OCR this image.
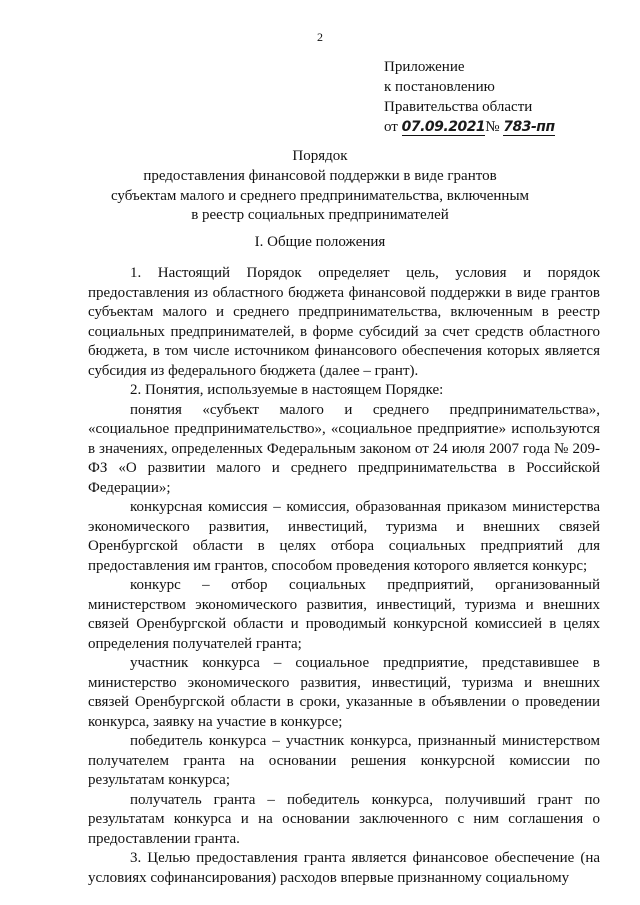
2
Приложение
к постановлению
Правительства области
от 07.09.2021№ 783-пп
Порядок
предоставления финансовой поддержки в виде грантов субъектам малого и среднего предпринимательства, включенным в реестр социальных предпринимателей
I. Общие положения

1. Настоящий Порядок определяет цель, условия и порядок предоставления из областного бюджета финансовой поддержки в виде грантов субъектам малого и среднего предпринимательства, включенным в реестр социальных предпринимателей, в форме субсидий за счет средств областного бюджета, в том числе источником финансового обеспечения которых является субсидия из федерального бюджета (далее – грант).

2. Понятия, используемые в настоящем Порядке:

понятия «субъект малого и среднего предпринимательства», «социальное предпринимательство», «социальное предприятие» используются в значениях, определенных Федеральным законом от 24 июля 2007 года № 209-ФЗ «О развитии малого и среднего предпринимательства в Российской Федерации»;

конкурсная комиссия – комиссия, образованная приказом министерства экономического развития, инвестиций, туризма и внешних связей Оренбургской области в целях отбора социальных предприятий для предоставления им грантов, способом проведения которого является конкурс;

конкурс – отбор социальных предприятий, организованный министерством экономического развития, инвестиций, туризма и внешних связей Оренбургской области и проводимый конкурсной комиссией в целях определения получателей гранта;

участник конкурса – социальное предприятие, представившее в министерство экономического развития, инвестиций, туризма и внешних связей Оренбургской области в сроки, указанные в объявлении о проведении конкурса, заявку на участие в конкурсе;

победитель конкурса – участник конкурса, признанный министерством получателем гранта на основании решения конкурсной комиссии по результатам конкурса;

получатель гранта – победитель конкурса, получивший грант по результатам конкурса и на основании заключенного с ним соглашения о предоставлении гранта.

3. Целью предоставления гранта является финансовое обеспечение (на условиях софинансирования) расходов впервые признанному социальному
